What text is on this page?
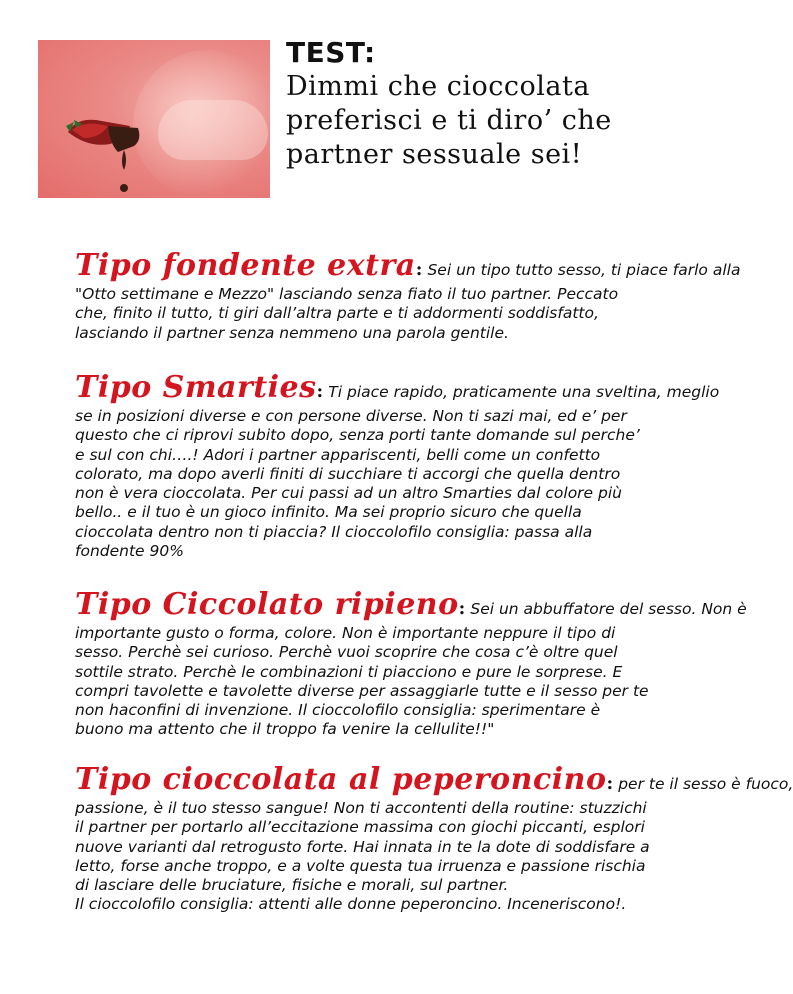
TEST:
Dimmi che cioccolata
preferisci e ti diro’ che
partner sessuale sei!
Tipo fondente extra: Sei un tipo tutto sesso, ti piace farlo alla
"Otto settimane e Mezzo" lasciando senza fiato il tuo partner. Peccato
che, finito il tutto, ti giri dall’altra parte e ti addormenti soddisfatto,
lasciando il partner senza nemmeno una parola gentile.
Tipo Smarties: Ti piace rapido, praticamente una sveltina, meglio
se in posizioni diverse e con persone diverse. Non ti sazi mai, ed e’ per
questo che ci riprovi subito dopo, senza porti tante domande sul perche’
e sul con chi….! Adori i partner appariscenti, belli come un confetto
colorato, ma dopo averli finiti di succhiare ti accorgi che quella dentro
non è vera cioccolata. Per cui passi ad un altro Smarties dal colore più
bello.. e il tuo è un gioco infinito. Ma sei proprio sicuro che quella
cioccolata dentro non ti piaccia? Il cioccolofilo consiglia: passa alla
fondente 90%
Tipo Ciccolato ripieno: Sei un abbuffatore del sesso. Non è
importante gusto o forma, colore. Non è importante neppure il tipo di
sesso. Perchè sei curioso. Perchè vuoi scoprire che cosa c’è oltre quel
sottile strato. Perchè le combinazioni ti piacciono e pure le sorprese. E
compri tavolette e tavolette diverse per assaggiarle tutte e il sesso per te
non haconfini di invenzione. Il cioccolofilo consiglia: sperimentare è
buono ma attento che il troppo fa venire la cellulite!!"
Tipo cioccolata al peperoncino: per te il sesso è fuoco,
passione, è il tuo stesso sangue! Non ti accontenti della routine: stuzzichi
il partner per portarlo all’eccitazione massima con giochi piccanti, esplori
nuove varianti dal retrogusto forte. Hai innata in te la dote di soddisfare a
letto, forse anche troppo, e a volte questa tua irruenza e passione rischia
di lasciare delle bruciature, fisiche e morali, sul partner.
Il cioccolofilo consiglia: attenti alle donne peperoncino. Inceneriscono!.
